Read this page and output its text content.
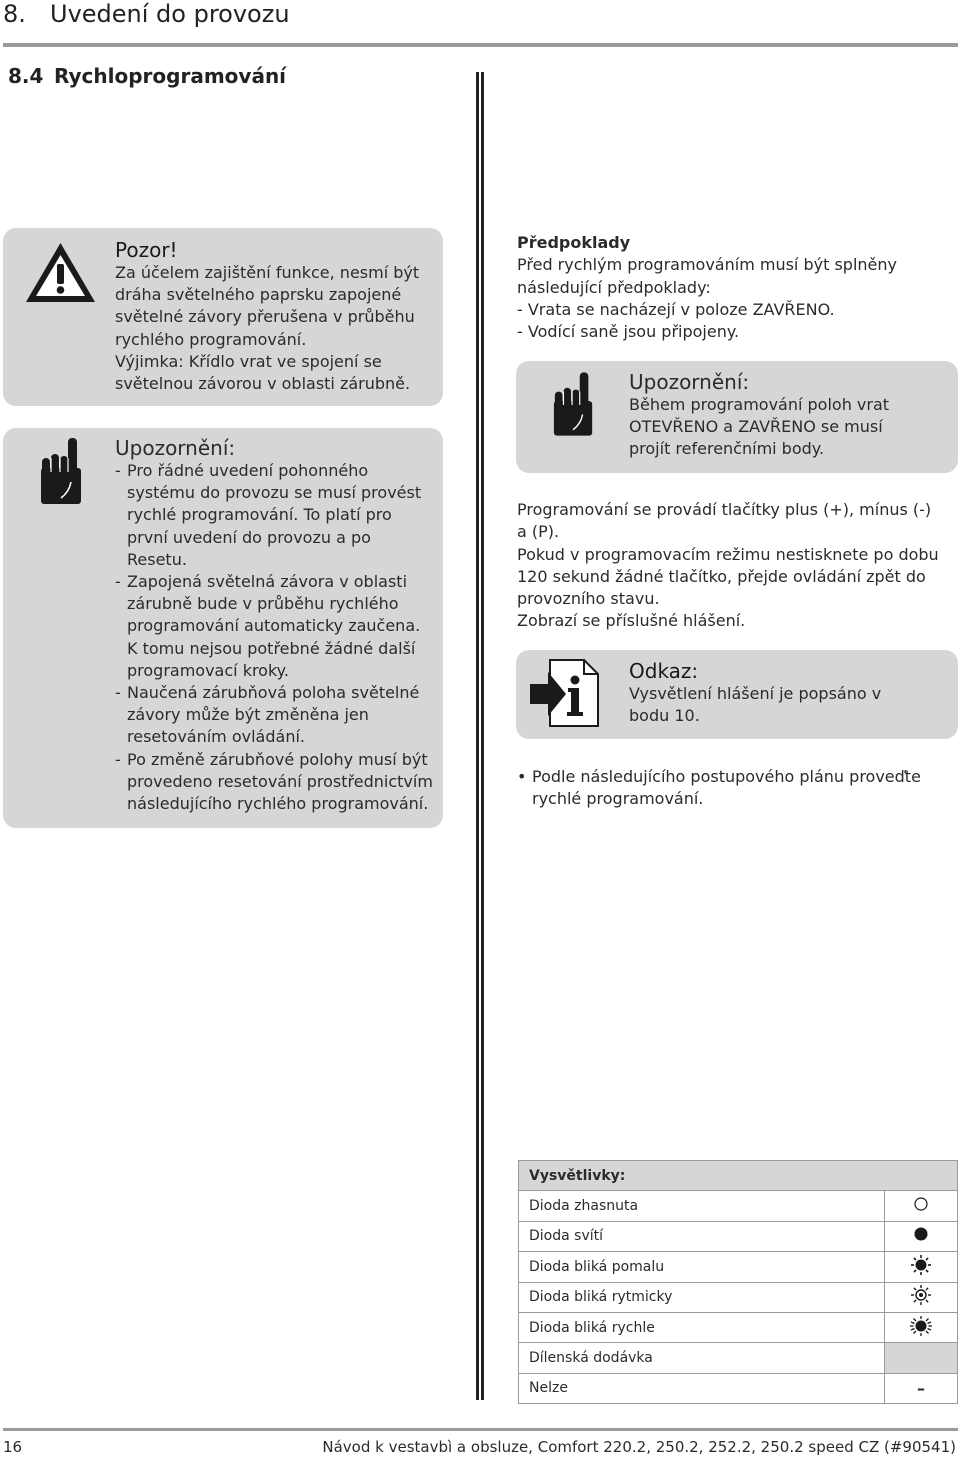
8. Uvedení do provozu
8.4 Rychloprogramování
Pozor!

Za účelem zajištění funkce, nesmí být

dráha světelného paprsku zapojené

světelné závory přerušena v průběhu

rychlého programování.

Výjimka: Křídlo vrat ve spojení se

světelnou závorou v oblasti zárubně.

Upozornění:
- Pro řádné uvedení pohonného
systému do provozu se musí provést
rychlé programování. To platí pro
první uvedení do provozu a po
Resetu.
- Zapojená světelná závora v oblasti
zárubně bude v průběhu rychlého
programování automaticky zaučena.
K tomu nejsou potřebné žádné další
programovací kroky.
- Naučená zárubňová poloha světelné
závory může být změněna jen
resetováním ovládání.
- Po změně zárubňové polohy musí být
provedeno resetování prostřednictvím
následujícího rychlého programování.

Předpoklady

Před rychlým programováním musí být splněny

následující předpoklady:

- Vrata se nacházejí v poloze ZAVŘENO.

- Vodící saně jsou připojeny.

Upozornění:

Během programování poloh vrat

OTEVŘENO a ZAVŘENO se musí

projít referenčními body.

Programování se provádí tlačítky plus (+), mínus (-)

a (P).

Pokud v programovacím režimu nestisknete po dobu

120 sekund žádné tlačítko, přejde ovládání zpět do

provozního stavu.

Zobrazí se příslušné hlášení.

Odkaz:

Vysvětlení hlášení je popsáno v

bodu 10.

• Podle následujícího postupového plánu proveďte

rychlé programování.

Vysvětlivky:	
Dioda zhasnuta	
Dioda svítí	
Dioda bliká pomalu	
Dioda bliká rytmicky	
Dioda bliká rychle	
Dílenská dodávka	
Nelze	–
16	Návod k vestavbì a obsluze, Comfort 220.2, 250.2, 252.2, 250.2 speed CZ (#90541)
